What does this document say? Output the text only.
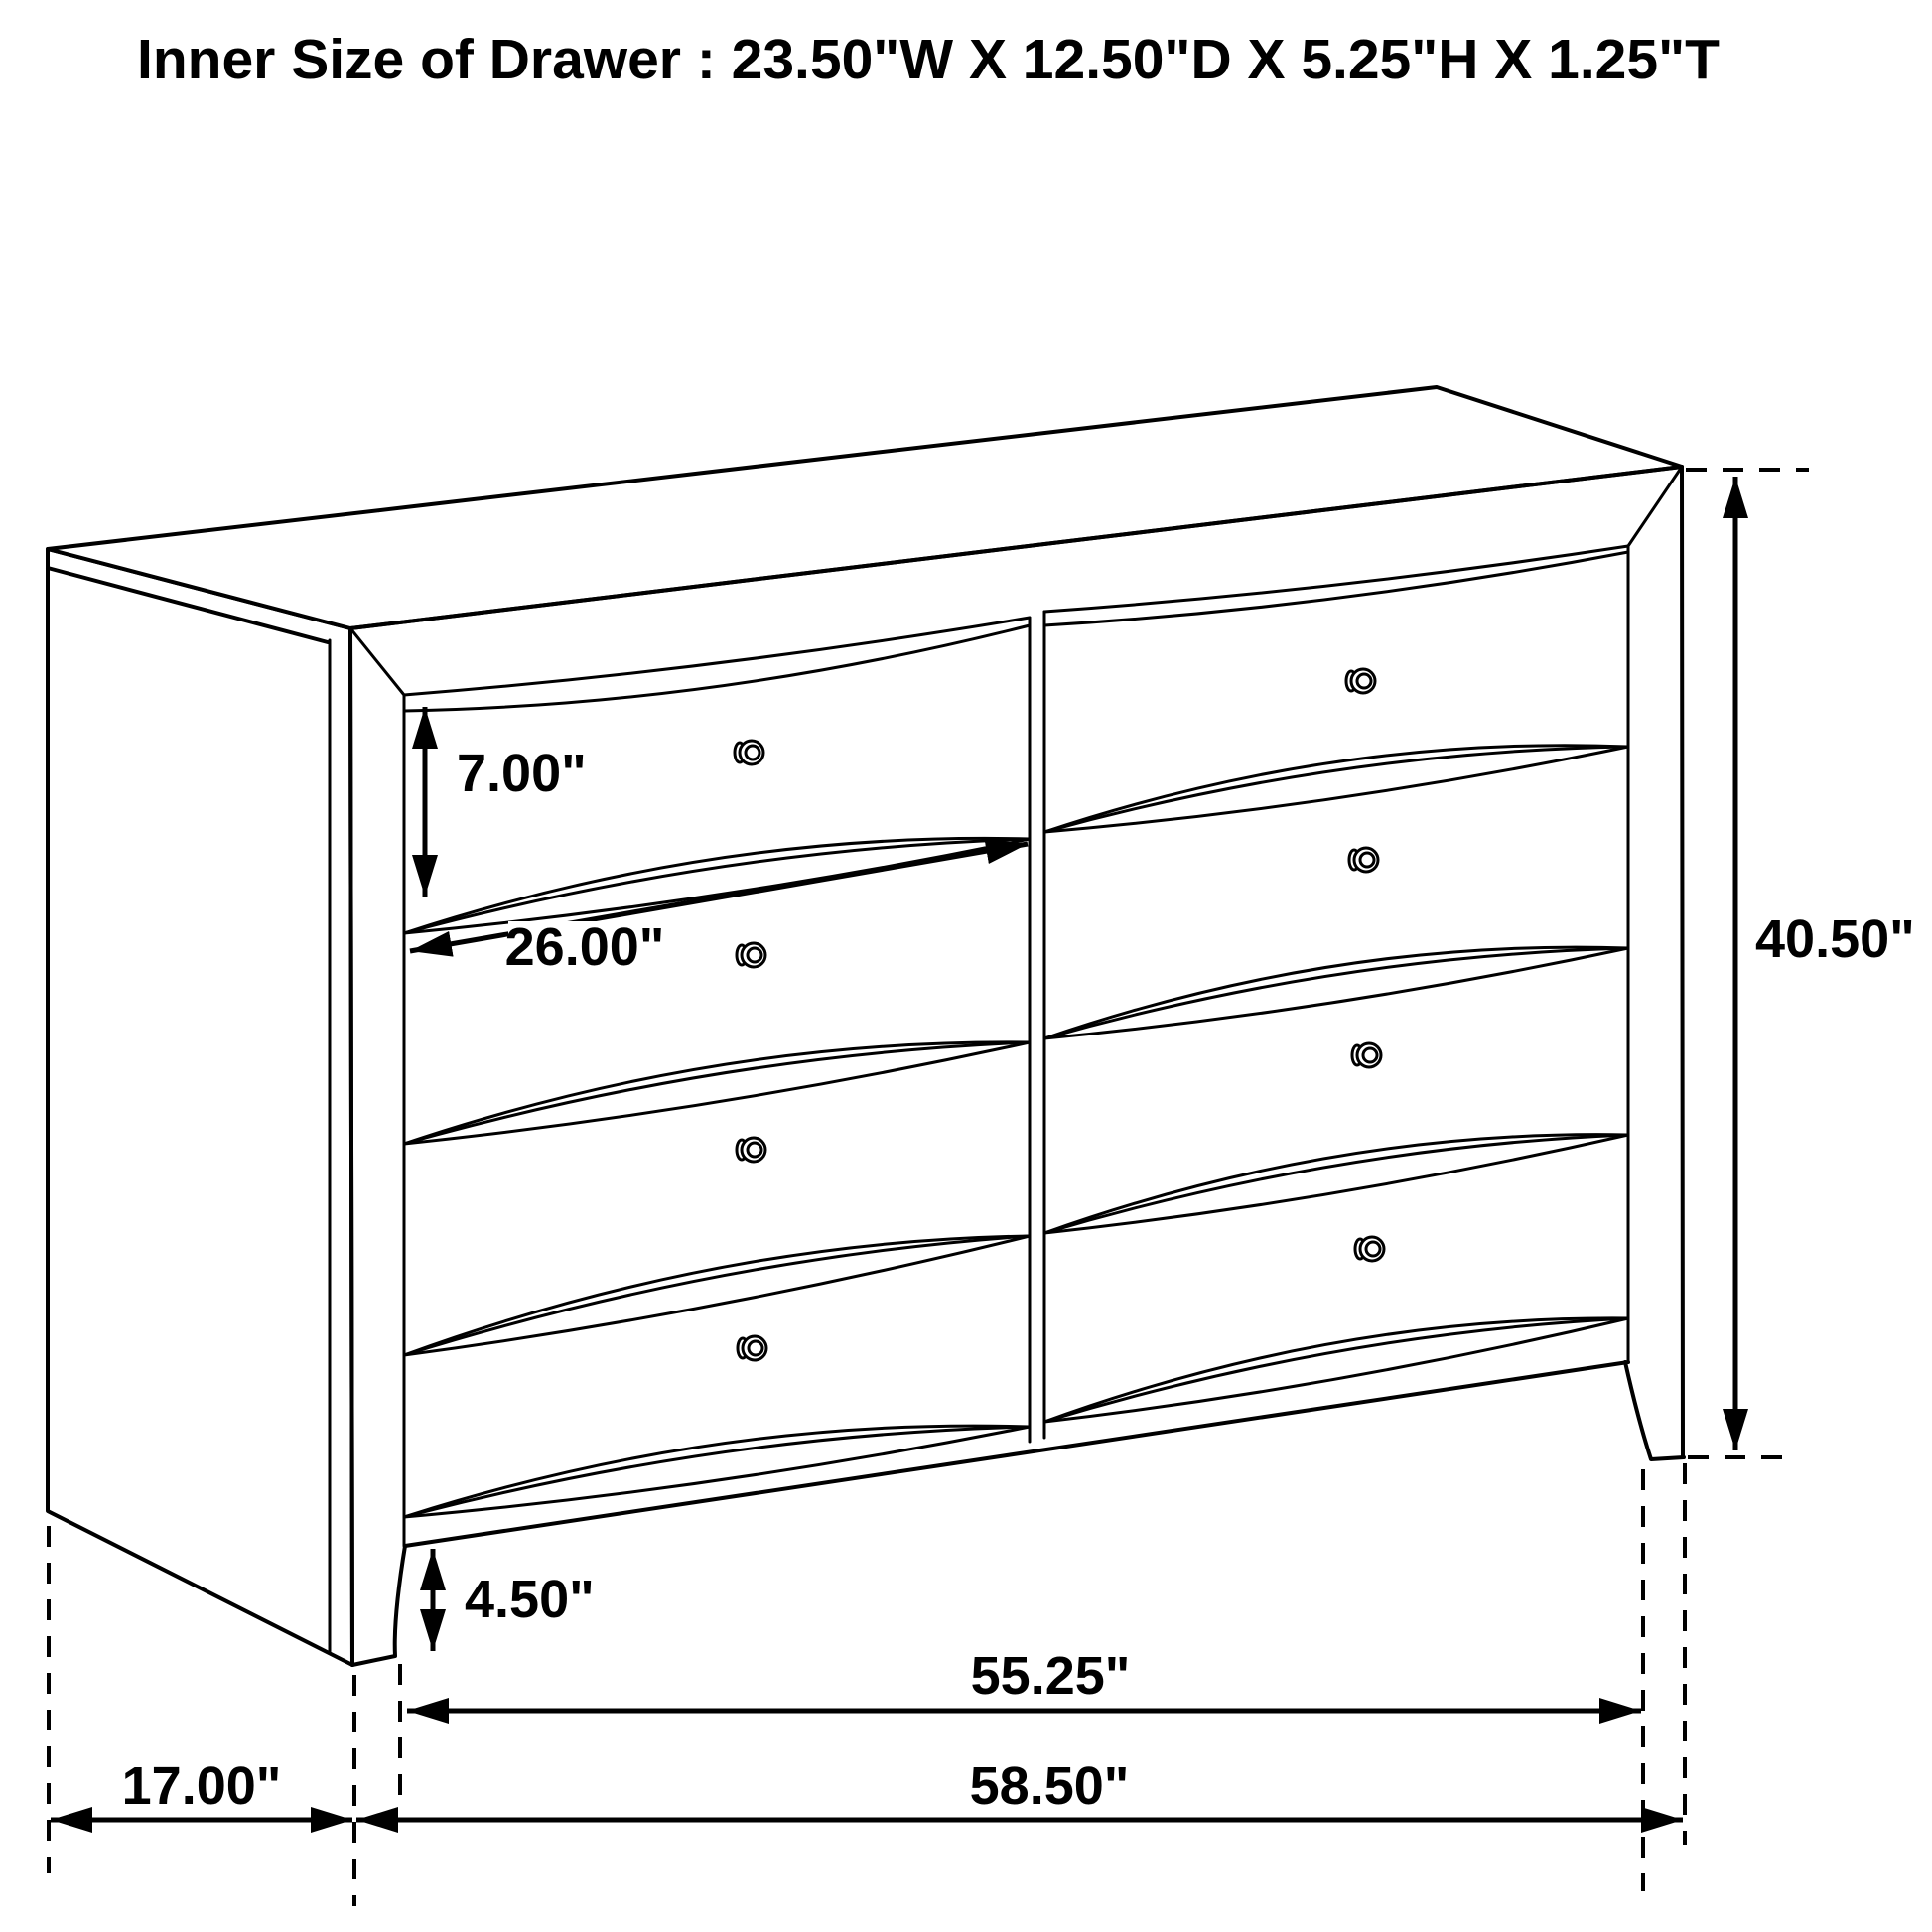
Inner Size of Drawer : 23.50"W X 12.50"D X 5.25"H X 1.25"T
7.00"
26.00"	40.50"
4.50"
55.25"
17.00"	58.50"
